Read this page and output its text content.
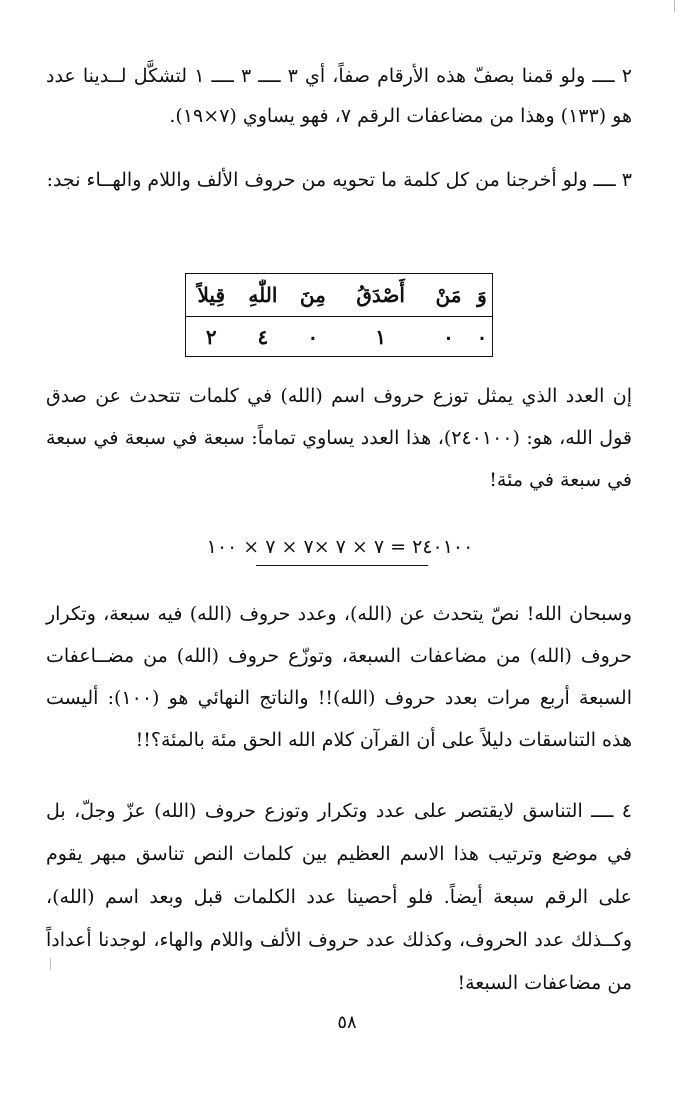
٢ ــــ ولو قمنا بصفّ هذه الأرقام صفاً، أي ٣ ــــ ٣ ــــ ١ لتشكَّل لــدينا عدد هو (١٣٣) وهذا من مضاعفات الرقم ٧، فهو يساوي (٧×١٩).

٣ ــــ ولو أخرجنا من كل كلمة ما تحويه من حروف الألف واللام والهــاء نجد:

وَ	مَنْ	أَصْدَقُ	مِنَ	اللّٰهِ	قِيلاً
٠	٠	١	٠	٤	٢

إن العدد الذي يمثل توزع حروف اسم (الله) في كلمات تتحدث عن صدق قول الله، هو: (٢٤٠١٠٠)، هذا العدد يساوي تماماً: سبعة في سبعة في سبعة في سبعة في مئة!

٢٤٠١٠٠ = ٧ × ٧ ×٧ × ٧ × ١٠٠

وسبحان الله! نصّ يتحدث عن (الله)، وعدد حروف (الله) فيه سبعة، وتكرار حروف (الله) من مضاعفات السبعة، وتوزّع حروف (الله) من مضــاعفات السبعة أربع مرات بعدد حروف (الله)!! والناتج النهائي هو (١٠٠): أليست هذه التناسقات دليلاً على أن القرآن كلام الله الحق مئة بالمئة؟!!

٤ ــــ التناسق لايقتصر على عدد وتكرار وتوزع حروف (الله) عزّ وجلّ، بل في موضع وترتيب هذا الاسم العظيم بين كلمات النص تناسق مبهر يقوم على الرقم سبعة أيضاً. فلو أحصينا عدد الكلمات قبل وبعد اسم (الله)، وكــذلك عدد الحروف، وكذلك عدد حروف الألف واللام والهاء، لوجدنا أعداداً من مضاعفات السبعة!

٥٨
